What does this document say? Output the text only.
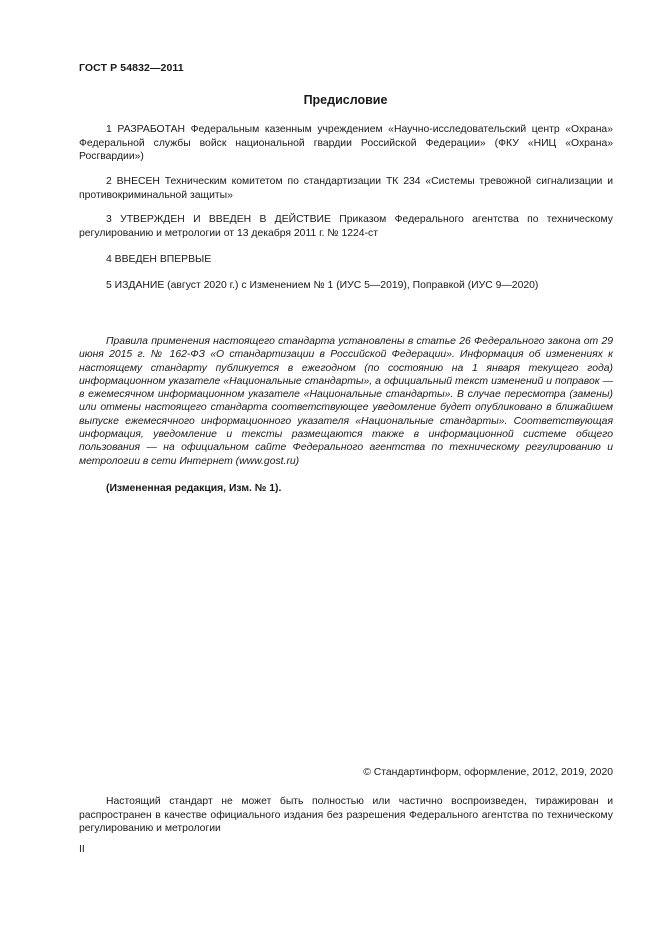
ГОСТ Р 54832—2011
Предисловие

1 РАЗРАБОТАН Федеральным казенным учреждением «Научно-исследовательский центр «Охрана» Федеральной службы войск национальной гвардии Российской Федерации» (ФКУ «НИЦ «Охрана» Росгвардии»)

2 ВНЕСЕН Техническим комитетом по стандартизации ТК 234 «Системы тревожной сигнализации и противокриминальной защиты»

3 УТВЕРЖДЕН И ВВЕДЕН В ДЕЙСТВИЕ Приказом Федерального агентства по техническому регулированию и метрологии от 13 декабря 2011 г. № 1224-ст

4 ВВЕДЕН ВПЕРВЫЕ

5 ИЗДАНИЕ (август 2020 г.) с Изменением № 1 (ИУС 5—2019), Поправкой (ИУС 9—2020)

Правила применения настоящего стандарта установлены в статье 26 Федерального закона от 29 июня 2015 г. № 162-ФЗ «О стандартизации в Российской Федерации». Информация об изменениях к настоящему стандарту публикуется в ежегодном (по состоянию на 1 января текущего года) информационном указателе «Национальные стандарты», а официальный текст изменений и поправок — в ежемесячном информационном указателе «Национальные стандарты». В случае пересмотра (замены) или отмены настоящего стандарта соответствующее уведомление будет опубликовано в ближайшем выпуске ежемесячного информационного указателя «Национальные стандарты». Соответствующая информация, уведомление и тексты размещаются также в информационной системе общего пользования — на официальном сайте Федерального агентства по техническому регулированию и метрологии в сети Интернет (www.gost.ru)

(Измененная редакция, Изм. № 1).

© Стандартинформ, оформление, 2012, 2019, 2020

Настоящий стандарт не может быть полностью или частично воспроизведен, тиражирован и распространен в качестве официального издания без разрешения Федерального агентства по техническому регулированию и метрологии

II
